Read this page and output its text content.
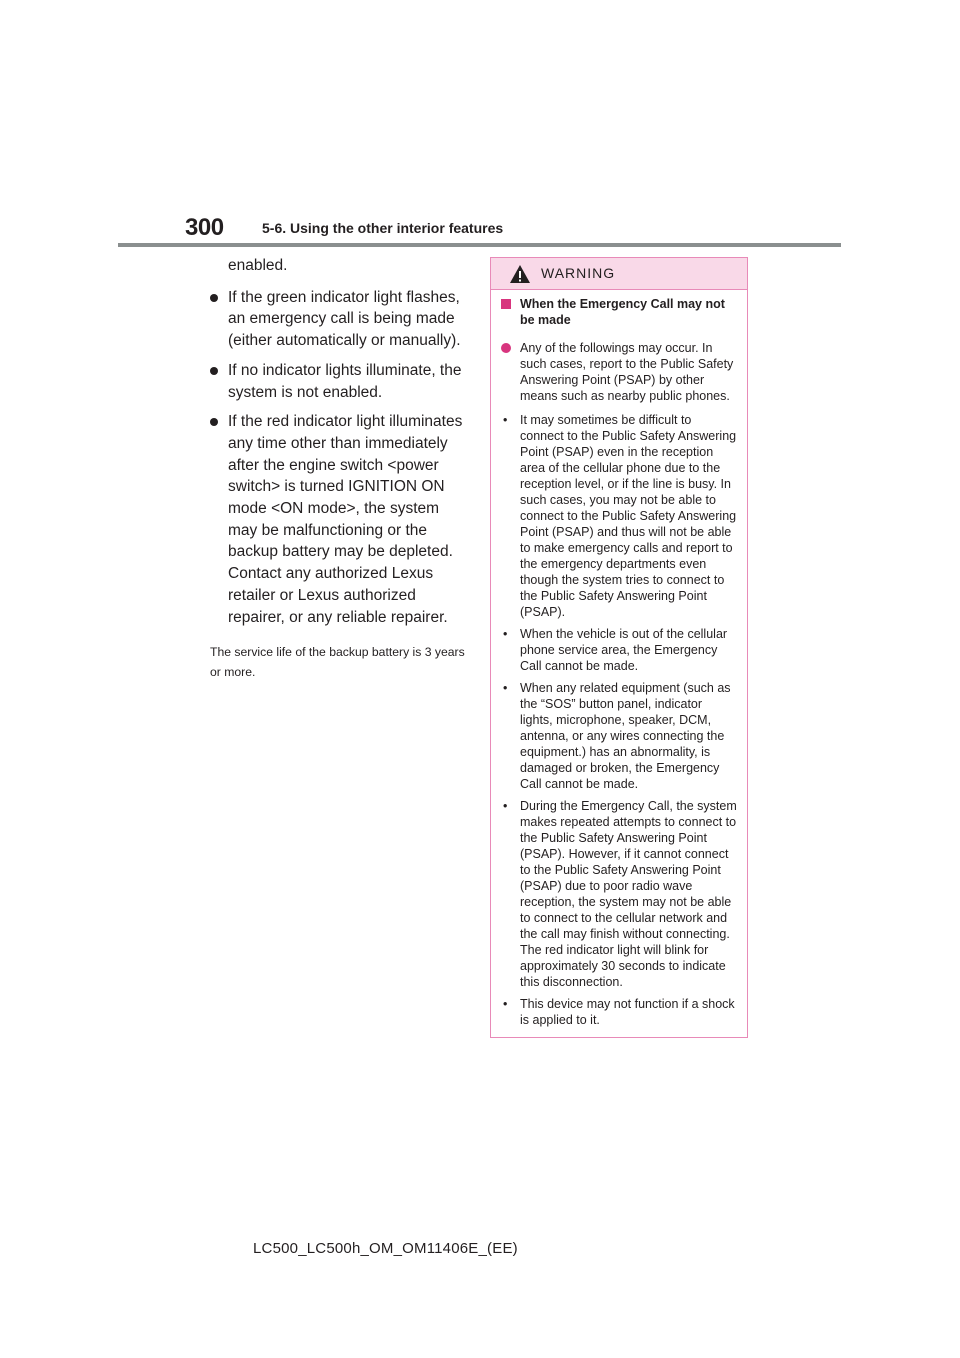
300	5-6. Using the other interior features

enabled.

If the green indicator light flashes, an emergency call is being made (either automatically or manually).
If no indicator lights illuminate, the system is not enabled.
If the red indicator light illuminates any time other than immediately after the engine switch <power switch> is turned IGNITION ON mode <ON mode>, the system may be malfunctioning or the backup battery may be depleted. Contact any authorized Lexus retailer or Lexus authorized repairer, or any reliable repairer.

The service life of the backup battery is 3 years or more.

WARNING
When the Emergency Call may not be made
Any of the followings may occur. In such cases, report to the Public Safety Answering Point (PSAP) by other means such as nearby public phones.
• It may sometimes be difficult to connect to the Public Safety Answering Point (PSAP) even in the reception area of the cellular phone due to the reception level, or if the line is busy. In such cases, you may not be able to connect to the Public Safety Answering Point (PSAP) and thus will not be able to make emergency calls and report to the emergency departments even though the system tries to connect to the Public Safety Answering Point (PSAP).
• When the vehicle is out of the cellular phone service area, the Emergency Call cannot be made.
• When any related equipment (such as the “SOS” button panel, indicator lights, microphone, speaker, DCM, antenna, or any wires connecting the equipment.) has an abnormality, is damaged or broken, the Emergency Call cannot be made.
• During the Emergency Call, the system makes repeated attempts to connect to the Public Safety Answering Point (PSAP). However, if it cannot connect to the Public Safety Answering Point (PSAP) due to poor radio wave reception, the system may not be able to connect to the cellular network and the call may finish without connecting. The red indicator light will blink for approximately 30 seconds to indicate this disconnection.
• This device may not function if a shock is applied to it.
LC500_LC500h_OM_OM11406E_(EE)
